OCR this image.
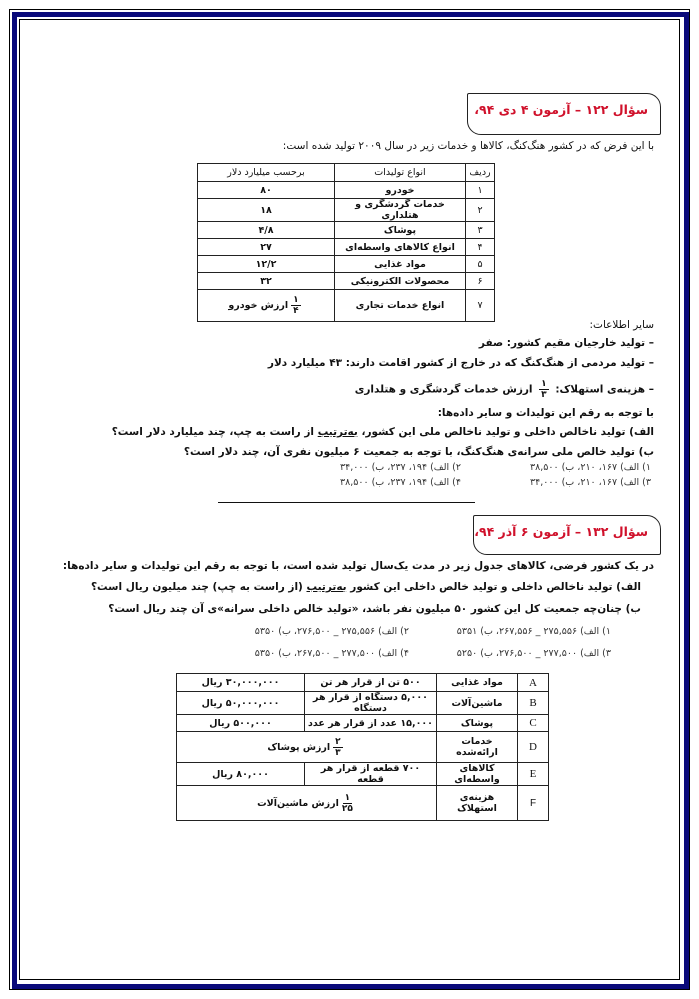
سؤال ۱۲۲ – آزمون ۴ دی ۹۴،
با این فرض که در کشور هنگ‌کنگ، کالاها و خدمات زیر در سال ۲۰۰۹ تولید شده است:
ردیف	انواع تولیدات	برحسب میلیارد دلار
۱	خودرو	۸۰
۲	خدمات گردشگری و هتلداری	۱۸
۳	پوشاک	۴/۸
۴	انواع کالاهای واسطه‌ای	۲۷
۵	مواد غذایی	۱۲/۲
۶	محصولات الکترونیکی	۳۲
۷	انواع خدمات تجاری	$\frac{۱}{۴}$
ارزش خودرو
سایر اطلاعات:
– تولید خارجیان مقیم کشور: صفر
– تولید مردمی از هنگ‌کنگ که در خارج از کشور اقامت دارند: ۴۳ میلیارد دلار
– هزینه‌ی استهلاک:
$\frac{۱}{۳}$
ارزش خدمات گردشگری و هتلداری
با توجه به رقم این تولیدات و سایر داده‌ها:
الف) تولید ناخالص داخلی و تولید ناخالص ملی این کشور، به‌ترتیب از راست به چپ، چند میلیارد دلار است؟
ب) تولید خالص ملی سرانه‌ی هنگ‌کنگ، با توجه به جمعیت ۶ میلیون نفری آن، چند دلار است؟
۱) الف) ۱۶۷، ۲۱۰، ب) ۳۸,۵۰۰
۲) الف) ۱۹۴، ۲۳۷، ب) ۳۴,۰۰۰
۳) الف) ۱۶۷، ۲۱۰، ب) ۳۴,۰۰۰
۴) الف) ۱۹۴، ۲۳۷، ب) ۳۸,۵۰۰
سؤال ۱۳۲ – آزمون ۶ آذر ۹۴،
در یک کشور فرضی، کالاهای جدول زیر در مدت یک‌سال تولید شده است، با توجه به رقم این تولیدات و سایر داده‌ها:
الف) تولید ناخالص داخلی و تولید خالص داخلی این کشور به‌ترتیب (از راست به چپ) چند میلیون ریال است؟
ب) چنان‌چه جمعیت کل این کشور ۵۰ میلیون نفر باشد، «تولید خالص داخلی سرانه»ی آن چند ریال است؟
۱) الف) ۲۷۵,۵۵۶ _ ۲۶۷,۵۵۶، ب) ۵۳۵۱
۲) الف) ۲۷۵,۵۵۶ _ ۲۷۶,۵۰۰، ب) ۵۳۵۰
۳) الف) ۲۷۷,۵۰۰ _ ۲۷۶,۵۰۰، ب) ۵۲۵۰
۴) الف) ۲۷۷,۵۰۰ _ ۲۶۷,۵۰۰، ب) ۵۳۵۰
A	مواد غذایی	۵۰۰ تن از قرار هر تن	۳۰,۰۰۰,۰۰۰ ریال
B	ماشین‌آلات	۵,۰۰۰ دستگاه از قرار هر دستگاه	۵۰,۰۰۰,۰۰۰ ریال
C	پوشاک	۱۵,۰۰۰ عدد از قرار هر عدد	۵۰۰,۰۰۰ ریال
D	خدمات ارائه‌شده	$\frac{۲}{۳}$
ارزش پوشاک	
E	کالاهای واسطه‌ای	۷۰۰ قطعه از قرار هر قطعه	۸۰,۰۰۰ ریال
F	هزینه‌ی استهلاک	$\frac{۱}{۲۵}$
ارزش ماشین‌آلات	
